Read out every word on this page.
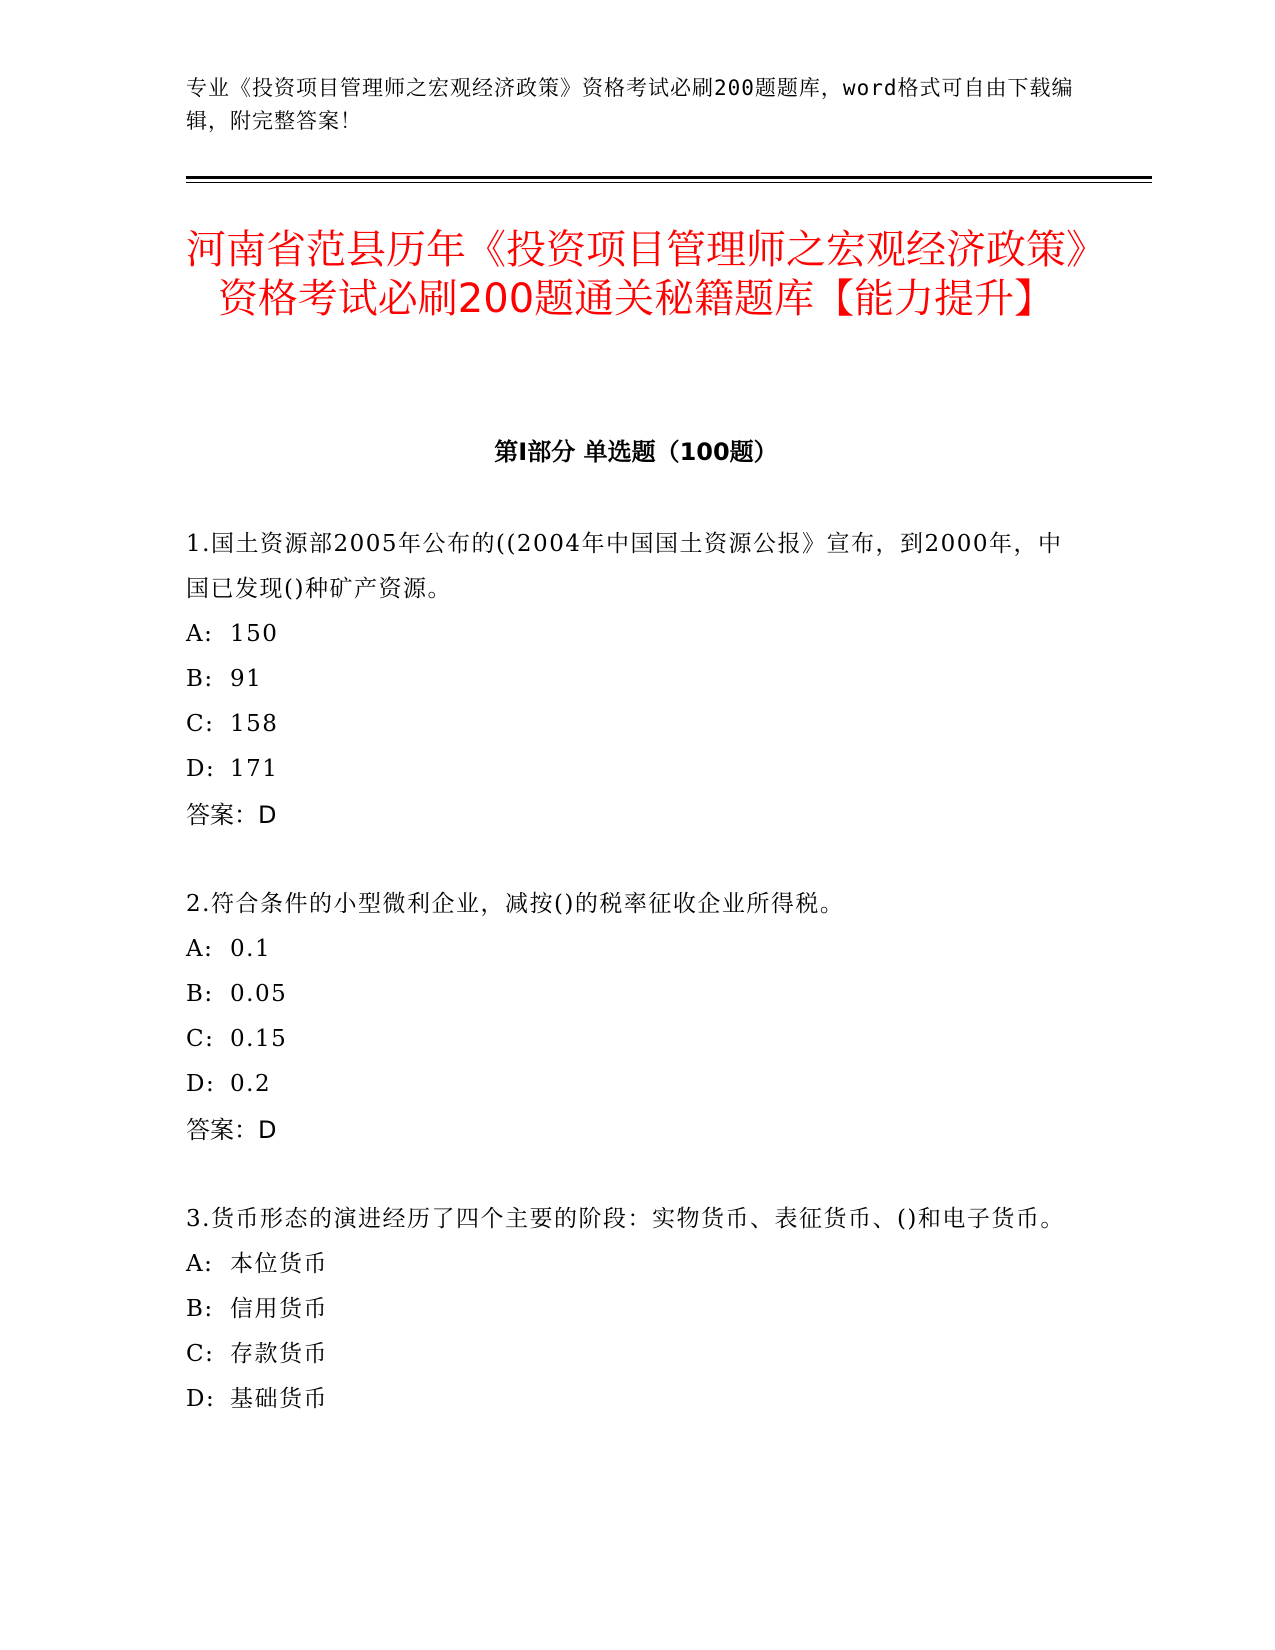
专业《投资项目管理师之宏观经济政策》资格考试必刷200题题库，word格式可自由下载编辑，附完整答案！
河南省范县历年《投资项目管理师之宏观经济政策》资格考试必刷200题通关秘籍题库【能力提升】
第Ⅰ部分 单选题（100题）
1.国土资源部2005年公布的((2004年中国国土资源公报》宣布，到2000年，中国已发现()种矿产资源。
A: 150
B: 91
C: 158
D: 171
答案：D
2.符合条件的小型微利企业，减按()的税率征收企业所得税。
A: 0.1
B: 0.05
C: 0.15
D: 0.2
答案：D
3.货币形态的演进经历了四个主要的阶段：实物货币、表征货币、()和电子货币。
A: 本位货币
B: 信用货币
C: 存款货币
D: 基础货币
